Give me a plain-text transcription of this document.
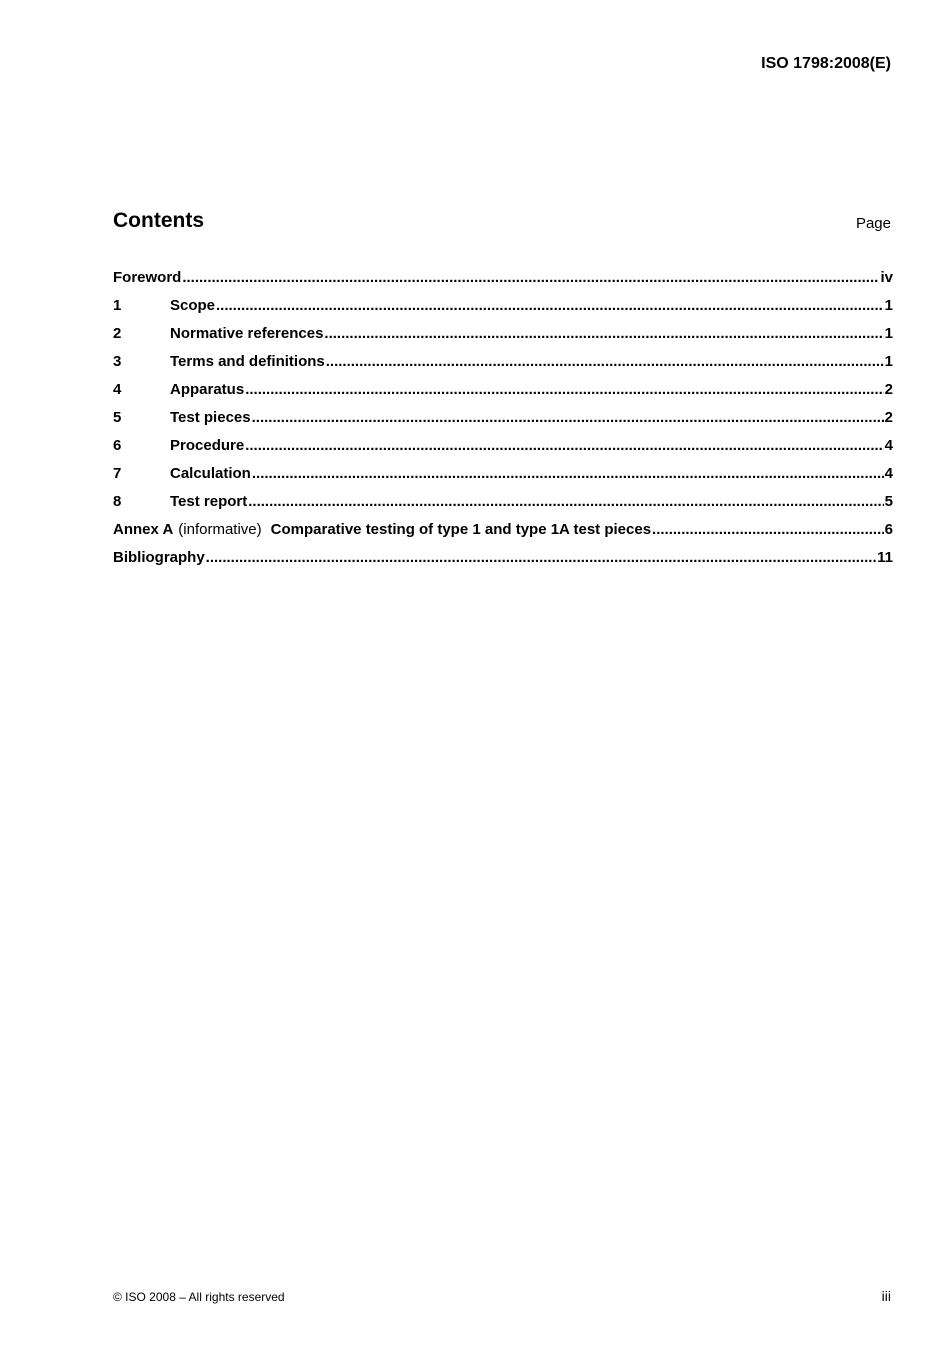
ISO 1798:2008(E)
Contents	Page
Foreword .....	iv
1	Scope .....	1
2	Normative references .....	1
3	Terms and definitions .....	1
4	Apparatus .....	2
5	Test pieces .....	2
6	Procedure .....	4
7	Calculation .....	4
8	Test report .....	5
Annex A (informative) Comparative testing of type 1 and type 1A test pieces .....	6
Bibliography .....	11
© ISO 2008 – All rights reserved	iii
